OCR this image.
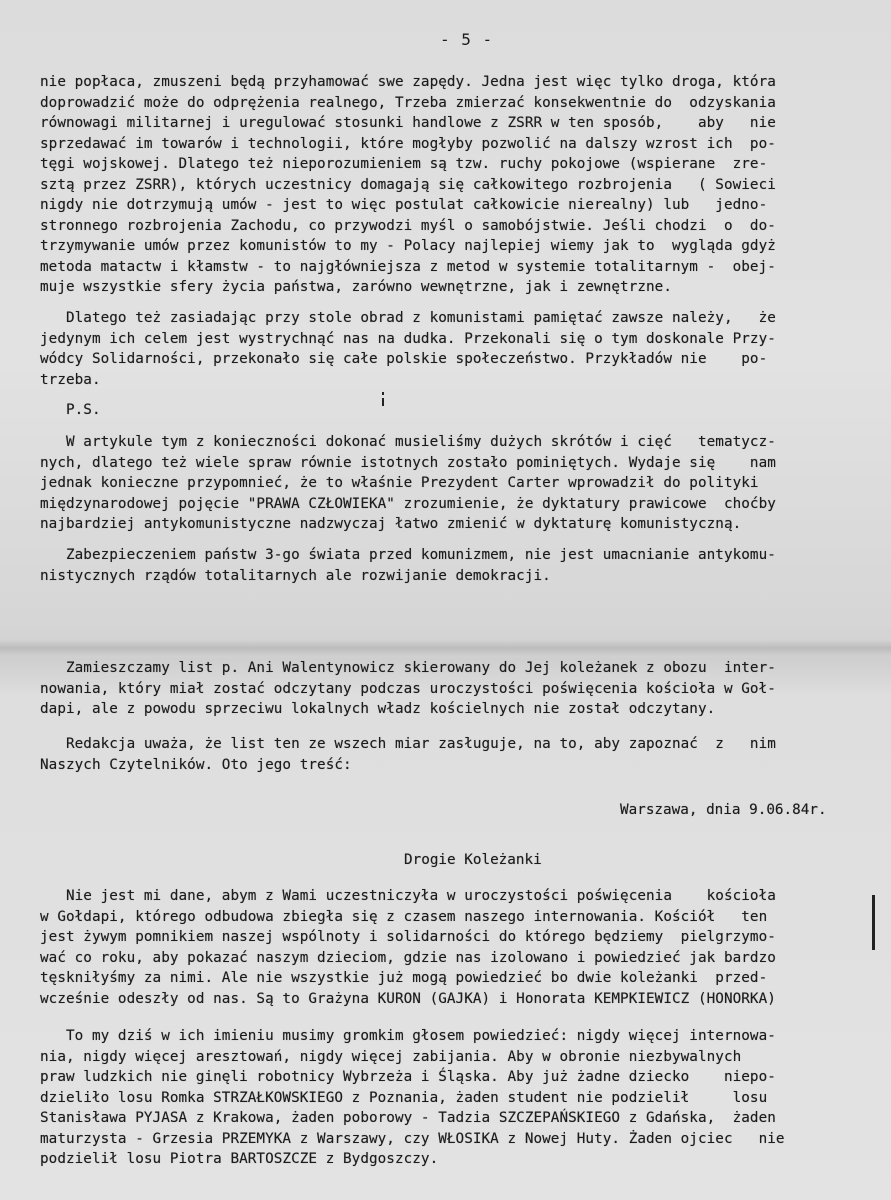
- 5 -
nie popłaca, zmuszeni będą przyhamować swe zapędy. Jedna jest więc tylko droga, która
doprowadzić może do odprężenia realnego, Trzeba zmierzać konsekwentnie do  odzyskania
równowagi militarnej i uregulować stosunki handlowe z ZSRR w ten sposób,    aby   nie
sprzedawać im towarów i technologii, które mogłyby pozwolić na dalszy wzrost ich  po-
tęgi wojskowej. Dlatego też nieporozumieniem są tzw. ruchy pokojowe (wspierane  zre-
sztą przez ZSRR), których uczestnicy domagają się całkowitego rozbrojenia   ( Sowieci
nigdy nie dotrzymują umów - jest to więc postulat całkowicie nierealny) lub   jedno-
stronnego rozbrojenia Zachodu, co przywodzi myśl o samobójstwie. Jeśli chodzi  o  do-
trzymywanie umów przez komunistów to my - Polacy najlepiej wiemy jak to  wygląda gdyż
metoda matactw i kłamstw - to najgłówniejsza z metod w systemie totalitarnym -  obej-
muje wszystkie sfery życia państwa, zarówno wewnętrzne, jak i zewnętrzne.
Dlatego też zasiadając przy stole obrad z komunistami pamiętać zawsze należy,   że
jedynym ich celem jest wystrychnąć nas na dudka. Przekonali się o tym doskonale Przy-
wódcy Solidarności, przekonało się całe polskie społeczeństwo. Przykładów nie    po-
trzeba.
P.S.
W artykule tym z konieczności dokonać musieliśmy dużych skrótów i cięć   tematycz-
nych, dlatego też wiele spraw równie istotnych zostało pominiętych. Wydaje się    nam
jednak konieczne przypomnieć, że to właśnie Prezydent Carter wprowadził do polityki
międzynarodowej pojęcie "PRAWA CZŁOWIEKA" zrozumienie, że dyktatury prawicowe  choćby
najbardziej antykomunistyczne nadzwyczaj łatwo zmienić w dyktaturę komunistyczną.
Zabezpieczeniem państw 3-go świata przed komunizmem, nie jest umacnianie antykomu-
nistycznych rządów totalitarnych ale rozwijanie demokracji.
Zamieszczamy list p. Ani Walentynowicz skierowany do Jej koleżanek z obozu  inter-
nowania, który miał zostać odczytany podczas uroczystości poświęcenia kościoła w Goł-
dapi, ale z powodu sprzeciwu lokalnych władz kościelnych nie został odczytany.
Redakcja uważa, że list ten ze wszech miar zasługuje, na to, aby zapoznać  z   nim
Naszych Czytelników. Oto jego treść:
Warszawa, dnia 9.06.84r.
Drogie Koleżanki
Nie jest mi dane, abym z Wami uczestniczyła w uroczystości poświęcenia    kościoła
w Gołdapi, którego odbudowa zbiegła się z czasem naszego internowania. Kościół   ten
jest żywym pomnikiem naszej wspólnoty i solidarności do którego będziemy  pielgrzymo-
wać co roku, aby pokazać naszym dzieciom, gdzie nas izolowano i powiedzieć jak bardzo
tęskniłyśmy za nimi. Ale nie wszystkie już mogą powiedzieć bo dwie koleżanki  przed-
wcześnie odeszły od nas. Są to Grażyna KURON (GAJKA) i Honorata KEMPKIEWICZ (HONORKA)
To my dziś w ich imieniu musimy gromkim głosem powiedzieć: nigdy więcej internowa-
nia, nigdy więcej aresztowań, nigdy więcej zabijania. Aby w obronie niezbywalnych
praw ludzkich nie ginęli robotnicy Wybrzeża i Śląska. Aby już żadne dziecko    niepo-
dzieliło losu Romka STRZAŁKOWSKIEGO z Poznania, żaden student nie podzielił     losu
Stanisława PYJASA z Krakowa, żaden poborowy - Tadzia SZCZEPAŃSKIEGO z Gdańska,  żaden
maturzysta - Grzesia PRZEMYKA z Warszawy, czy WŁOSIKA z Nowej Huty. Żaden ojciec   nie
podzielił losu Piotra BARTOSZCZE z Bydgoszczy.
